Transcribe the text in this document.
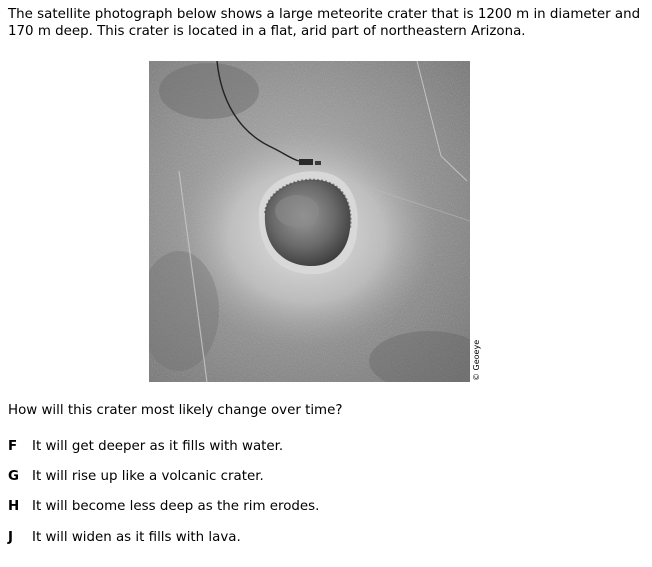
The satellite photograph below shows a large meteorite crater that is 1200 m in diameter and 170 m deep. This crater is located in a flat, arid part of northeastern Arizona.
© Geoeye
How will this crater most likely change over time?
F	It will get deeper as it fills with water.
G It will rise up like a volcanic crater.
H It will become less deep as the rim erodes.
J	It will widen as it fills with lava.
